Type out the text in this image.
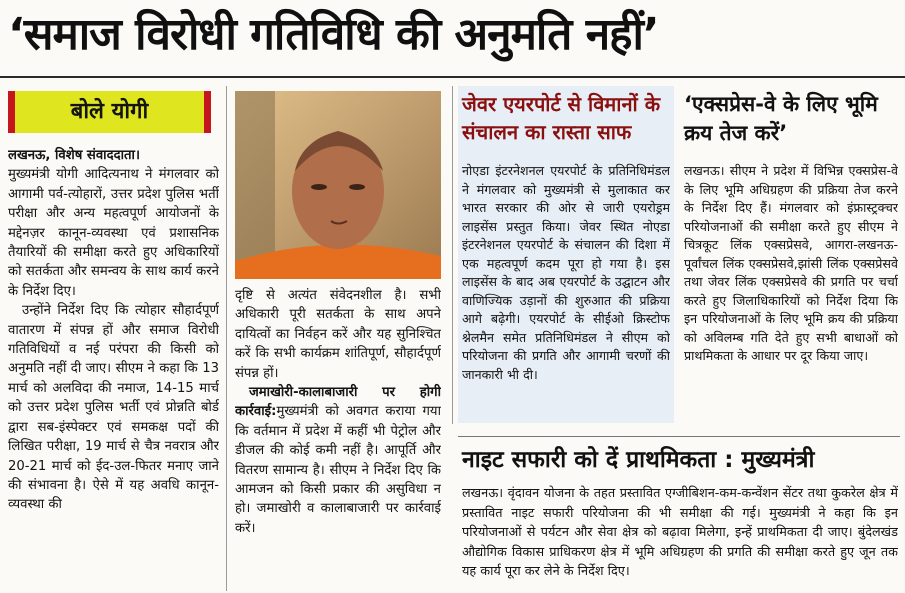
‘समाज विरोधी गतिविधि की अनुमति नहीं’
बोले योगी

लखनऊ, विशेष संवाददाता।

मुख्यमंत्री योगी आदित्यनाथ ने मंगलवार को आगामी पर्व-त्योहारों, उत्तर प्रदेश पुलिस भर्ती परीक्षा और अन्य महत्वपूर्ण आयोजनों के मद्देनज़र कानून-व्यवस्था एवं प्रशासनिक तैयारियों की समीक्षा करते हुए अधिकारियों को सतर्कता और समन्वय के साथ कार्य करने के निर्देश दिए।

उन्होंने निर्देश दिए कि त्योहार सौहार्दपूर्ण वातारण में संपन्न हों और समाज विरोधी गतिविधियों व नई परंपरा की किसी को अनुमति नहीं दी जाए। सीएम ने कहा कि 13 मार्च को अलविदा की नमाज, 14-15 मार्च को उत्तर प्रदेश पुलिस भर्ती एवं प्रोन्नति बोर्ड द्वारा सब-इंस्पेक्टर एवं समकक्ष पदों की लिखित परीक्षा, 19 मार्च से चैत्र नवरात्र और 20-21 मार्च को ईद-उल-फितर मनाए जाने की संभावना है। ऐसे में यह अवधि कानून-व्यवस्था की

दृष्टि से अत्यंत संवेदनशील है। सभी अधिकारी पूरी सतर्कता के साथ अपने दायित्वों का निर्वहन करें और यह सुनिश्चित करें कि सभी कार्यक्रम शांतिपूर्ण, सौहार्दपूर्ण संपन्न हों।

जमाखोरी-कालाबाजारी पर होगी कार्रवाई:मुख्यमंत्री को अवगत कराया गया कि वर्तमान में प्रदेश में कहीं भी पेट्रोल और डीजल की कोई कमी नहीं है। आपूर्ति और वितरण सामान्य है। सीएम ने निर्देश दिए कि आमजन को किसी प्रकार की असुविधा न हो। जमाखोरी व कालाबाजारी पर कार्रवाई करें।

जेवर एयरपोर्ट से विमानों के संचालन का रास्ता साफ
नोएडा इंटरनेशनल एयरपोर्ट के प्रतिनिधिमंडल ने मंगलवार को मुख्यमंत्री से मुलाकात कर भारत सरकार की ओर से जारी एयरोड्रम लाइसेंस प्रस्तुत किया। जेवर स्थित नोएडा इंटरनेशनल एयरपोर्ट के संचालन की दिशा में एक महत्वपूर्ण कदम पूरा हो गया है। इस लाइसेंस के बाद अब एयरपोर्ट के उद्घाटन और वाणिज्यिक उड़ानों की शुरुआत की प्रक्रिया आगे बढ़ेगी। एयरपोर्ट के सीईओ क्रिस्टोफ श्नेलमैन समेत प्रतिनिधिमंडल ने सीएम को परियोजना की प्रगति और आगामी चरणों की जानकारी भी दी।
‘एक्सप्रेस-वे के लिए भूमि क्रय तेज करें’
लखनऊ। सीएम ने प्रदेश में विभिन्न एक्सप्रेस-वे के लिए भूमि अधिग्रहण की प्रक्रिया तेज करने के निर्देश दिए हैं। मंगलवार को इंफ्रास्ट्रक्चर परियोजनाओं की समीक्षा करते हुए सीएम ने चित्रकूट लिंक एक्सप्रेसवे, आगरा-लखनऊ-पूर्वांचल लिंक एक्सप्रेसवे,झांसी लिंक एक्सप्रेसवे तथा जेवर लिंक एक्सप्रेसवे की प्रगति पर चर्चा करते हुए जिलाधिकारियों को निर्देश दिया कि इन परियोजनाओं के लिए भूमि क्रय की प्रक्रिया को अविलम्ब गति देते हुए सभी बाधाओं को प्राथमिकता के आधार पर दूर किया जाए।
नाइट सफारी को दें प्राथमिकता : मुख्यमंत्री
लखनऊ। वृंदावन योजना के तहत प्रस्तावित एग्जीबिशन-कम-कन्वेंशन सेंटर तथा कुकरेल क्षेत्र में प्रस्तावित नाइट सफारी परियोजना की भी समीक्षा की गई। मुख्यमंत्री ने कहा कि इन परियोजनाओं से पर्यटन और सेवा क्षेत्र को बढ़ावा मिलेगा, इन्हें प्राथमिकता दी जाए। बुंदेलखंड औद्योगिक विकास प्राधिकरण क्षेत्र में भूमि अधिग्रहण की प्रगति की समीक्षा करते हुए जून तक यह कार्य पूरा कर लेने के निर्देश दिए।
